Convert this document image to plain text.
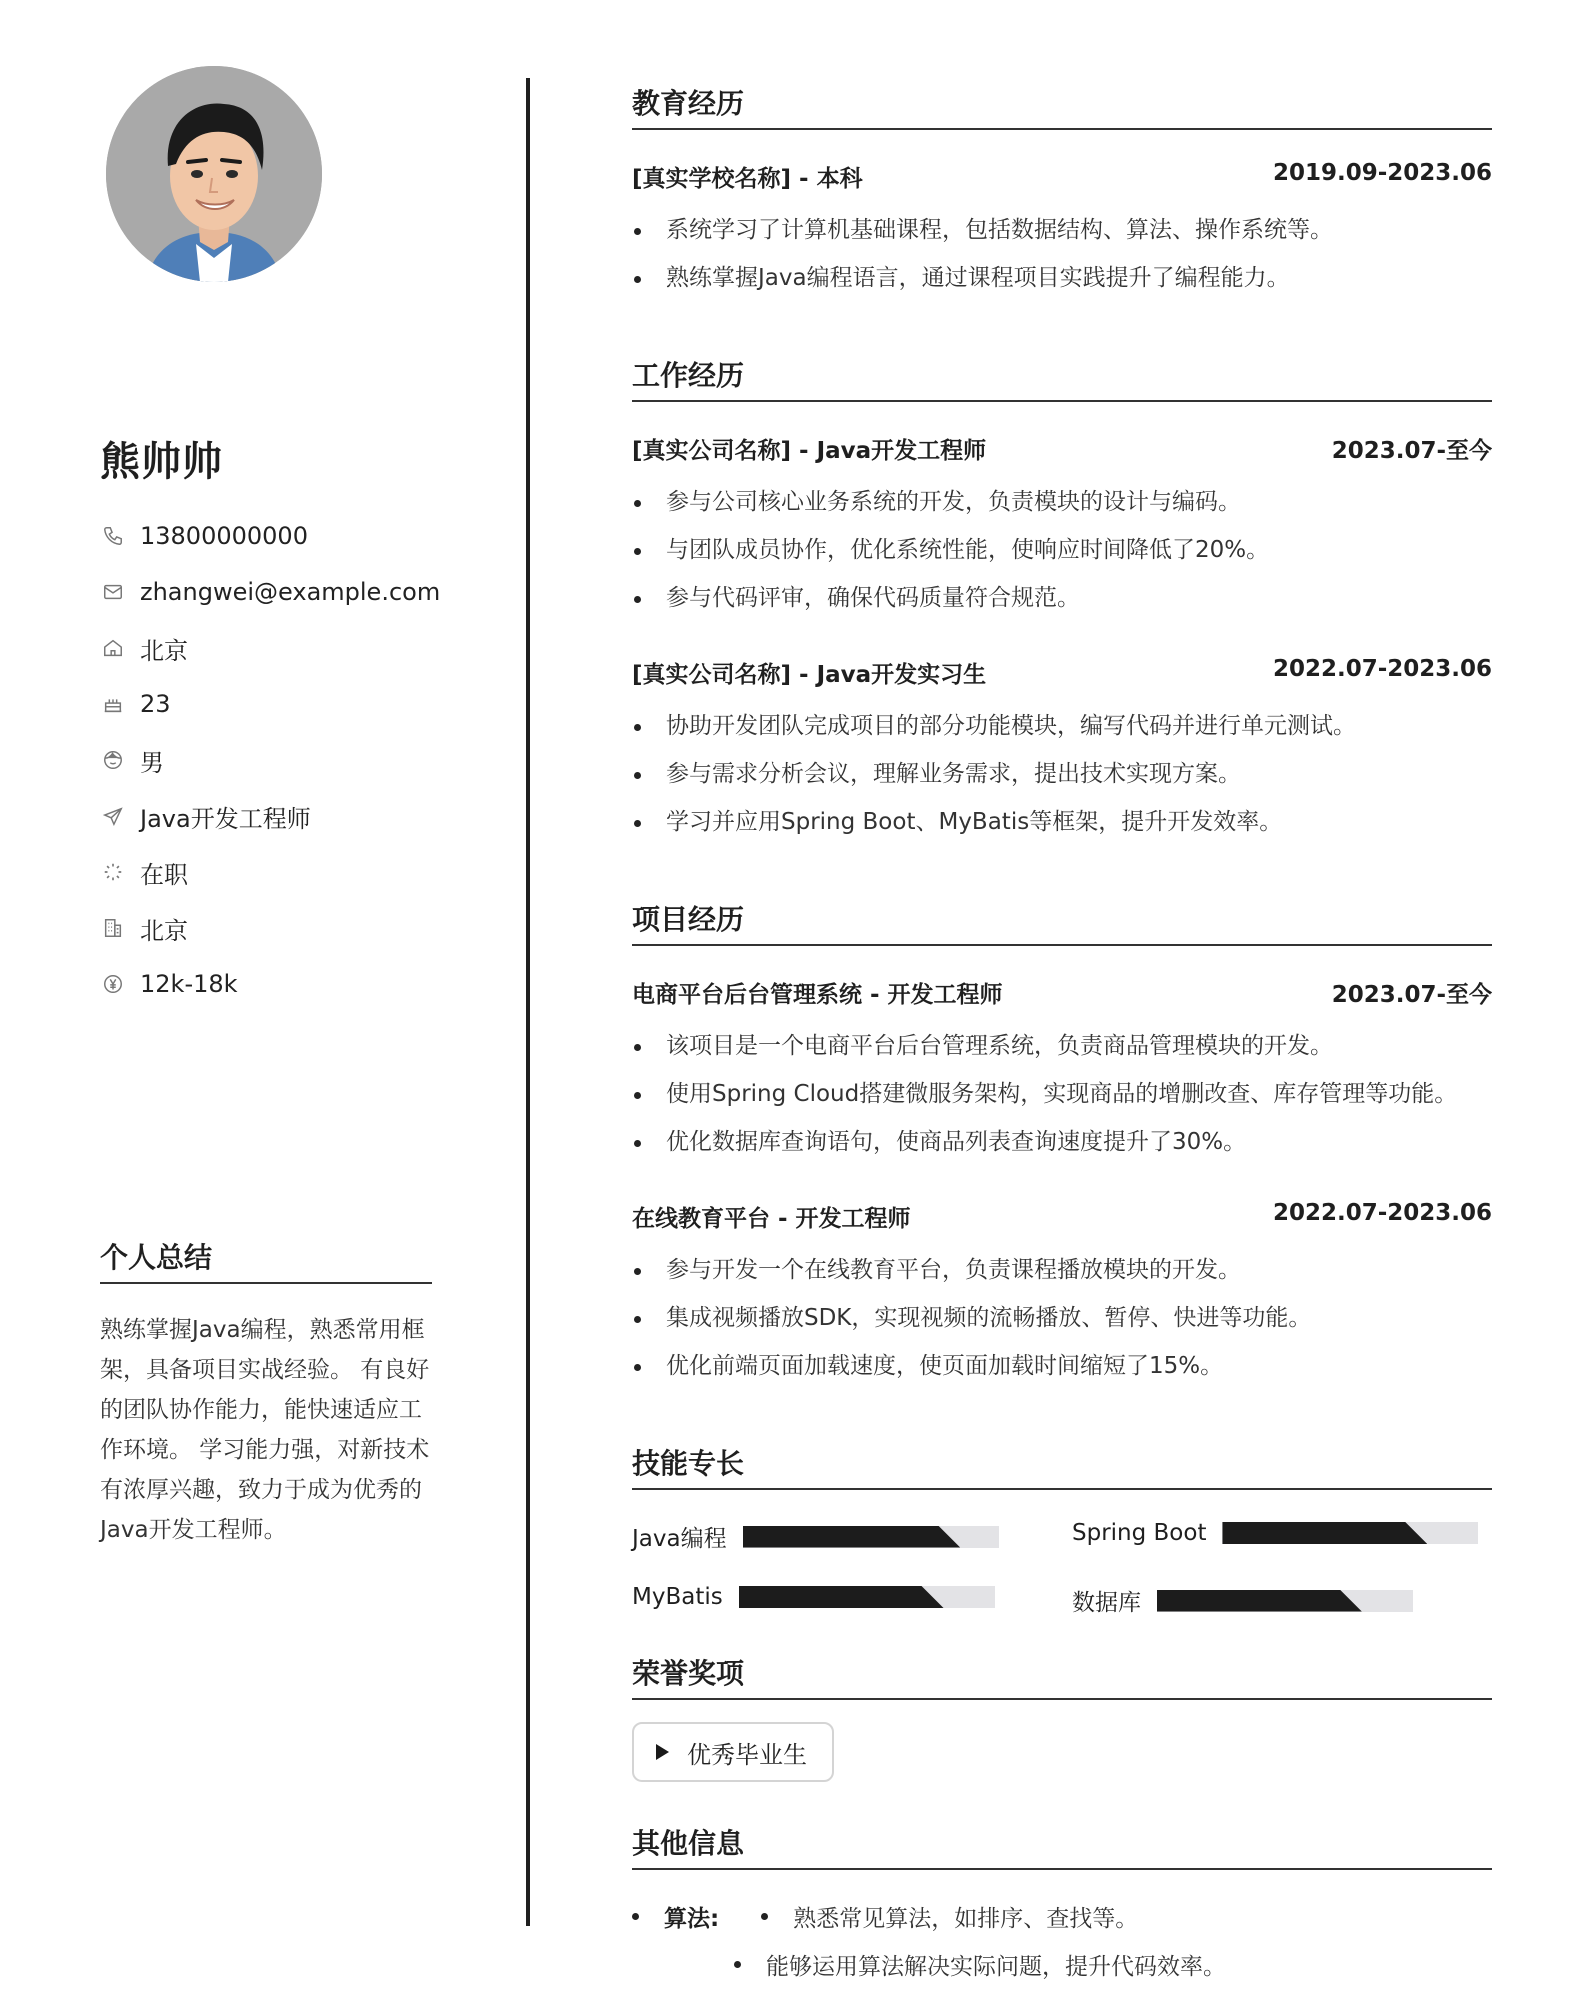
熊帅帅
13800000000
zhangwei@example.com
北京
23
男
Java开发工程师
在职
北京
12k-18k
个人总结
熟练掌握Java编程，熟悉常用框架，具备项目实战经验。 有良好的团队协作能力，能快速适应工作环境。 学习能力强，对新技术有浓厚兴趣，致力于成为优秀的Java开发工程师。
教育经历
[真实学校名称] - 本科	2019.09-2023.06
系统学习了计算机基础课程，包括数据结构、算法、操作系统等。
熟练掌握Java编程语言，通过课程项目实践提升了编程能力。
工作经历
[真实公司名称] - Java开发工程师	2023.07-至今
参与公司核心业务系统的开发，负责模块的设计与编码。
与团队成员协作，优化系统性能，使响应时间降低了20%。
参与代码评审，确保代码质量符合规范。
[真实公司名称] - Java开发实习生	2022.07-2023.06
协助开发团队完成项目的部分功能模块，编写代码并进行单元测试。
参与需求分析会议，理解业务需求，提出技术实现方案。
学习并应用Spring Boot、MyBatis等框架，提升开发效率。
项目经历
电商平台后台管理系统 - 开发工程师	2023.07-至今
该项目是一个电商平台后台管理系统，负责商品管理模块的开发。
使用Spring Cloud搭建微服务架构，实现商品的增删改查、库存管理等功能。
优化数据库查询语句，使商品列表查询速度提升了30%。
在线教育平台 - 开发工程师	2022.07-2023.06
参与开发一个在线教育平台，负责课程播放模块的开发。
集成视频播放SDK，实现视频的流畅播放、暂停、快进等功能。
优化前端页面加载速度，使页面加载时间缩短了15%。
技能专长
Java编程	Spring Boot
MyBatis	数据库
荣誉奖项
优秀毕业生
其他信息
算法:	熟悉常见算法，如排序、查找等。
能够运用算法解决实际问题，提升代码效率。
